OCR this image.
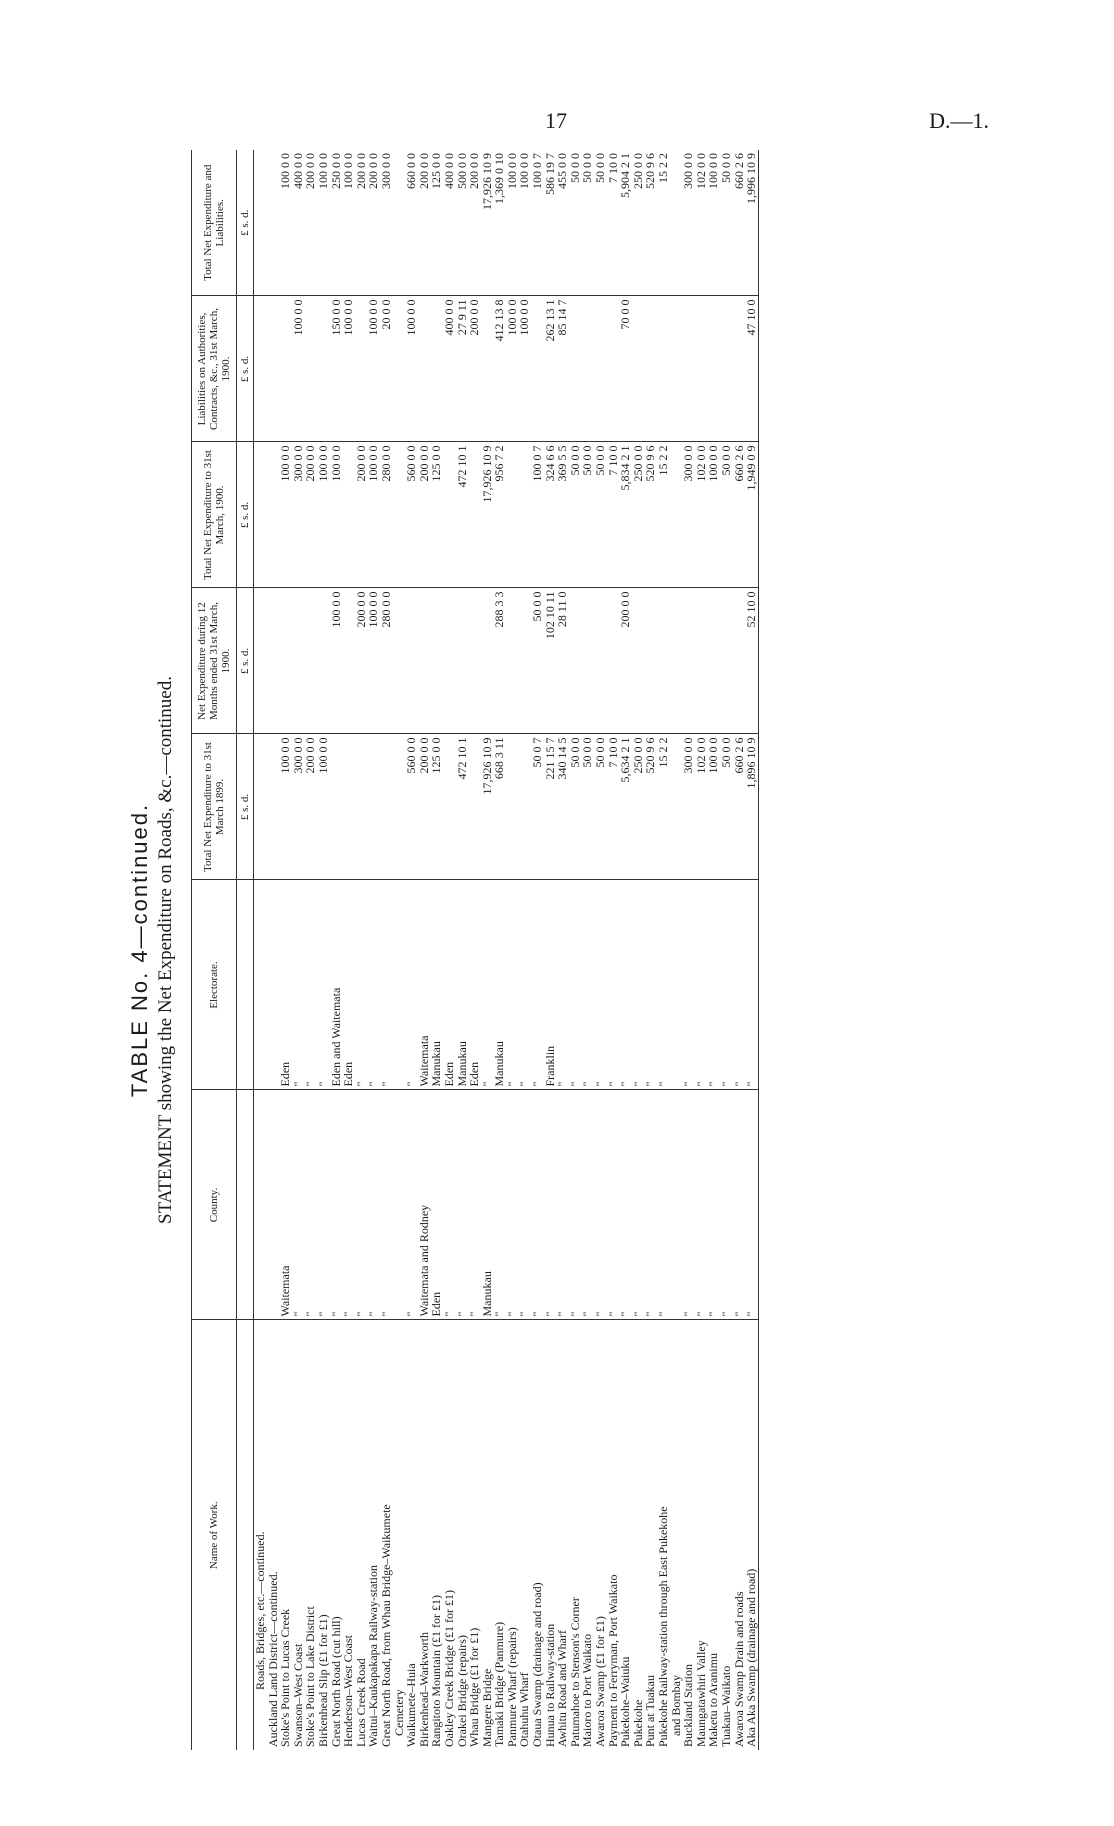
17	D.—1.
TABLE No. 4—continued. STATEMENT showing the Net Expenditure on Roads, &c.—continued.
Name of Work.	County.	Electorate.	Total Net Expenditure to 31st March 1899.	Net Expenditure during 12 Months ended 31st March, 1900.	Total Net Expenditure to 31st March, 1900.	Liabilities on Authorities, Contracts, &c., 31st March, 1900.	Total Net Expenditure and Liabilities.
			£ s. d.	£ s. d.	£ s. d.	£ s. d.	£ s. d.
Roads, Bridges, etc.—continued.							
Auckland Land District—continued.							
Stoke's Point to Lucas Creek	Waitemata	Eden	100 0 0		100 0 0		100 0 0
Swanson–West Coast	"	"	300 0 0		300 0 0	100 0 0	400 0 0
Stoke's Point to Lake District	"	"	200 0 0		200 0 0		200 0 0
Birkenhead Slip (£1 for £1)	"	"	100 0 0		100 0 0		100 0 0
Great North Road (cut hill)	"	Eden and Waitemata		100 0 0	100 0 0	150 0 0	250 0 0
Henderson–West Coast	"	Eden				100 0 0	100 0 0
Lucas Creek Road	"	"		200 0 0	200 0 0		200 0 0
Waitui–Kaukapakapa Railway-station	"	"		100 0 0	100 0 0	100 0 0	200 0 0
Great North Road, from Whau Bridge–Waikumete	"	"		280 0 0	280 0 0	20 0 0	300 0 0
Cemetery							
Waikumete–Huia	"	"	560 0 0		560 0 0	100 0 0	660 0 0
Birkenhead–Warkworth	Waitemata and Rodney	Waitemata	200 0 0		200 0 0		200 0 0
Rangitoto Mountain (£1 for £1)	Eden	Manukau	125 0 0		125 0 0		125 0 0
Oakley Creek Bridge (£1 for £1)	"	Eden				400 0 0	400 0 0
Orakei Bridge (repairs)	"	Manukau	472 10 1		472 10 1	27 9 11	500 0 0
Whau Bridge (£1 for £1)	"	Eden				200 0 0	200 0 0
Mangere Bridge	Manukau	"	17,926 10 9		17,926 10 9		17,926 10 9
Tamaki Bridge (Panmure)	"	Manukau	668 3 11	288 3 3	956 7 2	412 13 8	1,369 0 10
Panmure Wharf (repairs)	"	"				100 0 0	100 0 0
Otahuhu Wharf	"	"				100 0 0	100 0 0
Otaua Swamp (drainage and road)	"	"	50 0 7	50 0 0	100 0 7		100 0 7
Hunua to Railway-station	"	Franklin	221 15 7	102 10 11	324 6 6	262 13 1	586 19 7
Awhitu Road and Wharf	"	"	340 14 5	28 11 0	369 5 5	85 14 7	455 0 0
Patumahoe to Stenson's Corner	"	"	50 0 0		50 0 0		50 0 0
Maioro to Port Waikato	"	"	50 0 0		50 0 0		50 0 0
Awaroa Swamp (£1 for £1)	"	"	50 0 0		50 0 0		50 0 0
Payment to Ferryman, Port Waikato	"	"	7 10 0		7 10 0		7 10 0
Pukekohe–Waiuku	"	"	5,634 2 1	200 0 0	5,834 2 1	70 0 0	5,904 2 1
Pukekohe	"	"	250 0 0		250 0 0		250 0 0
Punt at Tuakau	"	"	520 9 6		520 9 6		520 9 6
Pukekohe Railway-station through East Pukekohe	"	"	15 2 2		15 2 2		15 2 2
and Bombay							
Buckland Station	"	"	300 0 0		300 0 0		300 0 0
Maungatawhiri Valley	"	"	102 0 0		102 0 0		102 0 0
Maketu to Aranimu	"	"	100 0 0		100 0 0		100 0 0
Tuakau–Waikato	"	"	50 0 0		50 0 0		50 0 0
Awaroa Swamp Drain and roads	"	"	660 2 6		660 2 6		660 2 6
Aka Aka Swamp (drainage and road)	"	"	1,896 10 9	52 10 0	1,949 0 9	47 10 0	1,996 10 9
